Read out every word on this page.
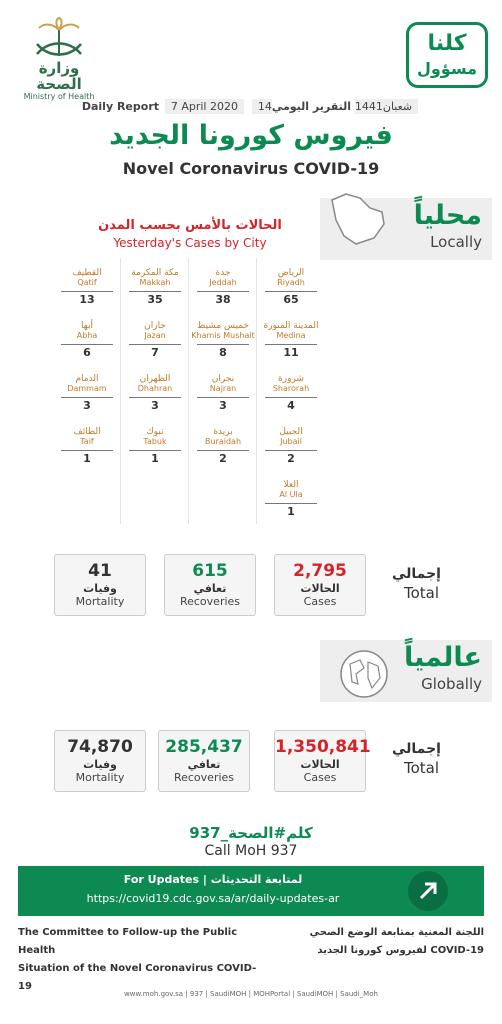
وزارة الصحة
Ministry of Health
كلنا
مسؤول
Daily Report 7 April 2020 14شعبان1441 التقرير اليومي
فيروس كورونا الجديد
Novel Coronavirus COVID-19
محلياً
Locally
الحالات بالأمس بحسب المدن
Yesterday's Cases by City
الرياض
Riyadh
65
جدة
Jeddah
38
مكة المكرمة
Makkah
35
القطيف
Qatif
13
المدينة المنورة
Medina
11
خميس مشيط
Khamis Mushait
8
جازان
Jazan
7
أبها
Abha
6
شرورة
Sharorah
4
نجران
Najran
3
الظهران
Dhahran
3
الدمام
Dammam
3
الجبيل
Jubail
2
بريدة
Buraidah
2
تبوك
Tabuk
1
الطائف
Taif
1
العلا
Al Ula
1
إجمالي
Total
2,795
الحالات
Cases
615
تعافي
Recoveries
41
وفيات
Mortality
عالمياً
Globally
إجمالي
Total
1,350,841
الحالات
Cases
285,437
تعافي
Recoveries
74,870
وفيات
Mortality
كلم#الصحة_937
Call MoH 937
For Updates | لمتابعة التحديثات
https://covid19.cdc.gov.sa/ar/daily-updates-ar
The Committee to Follow-up the Public Health
Situation of the Novel Coronavirus COVID-19
اللجنة المعنية بمتابعة الوضع الصحي
لفيروس كورونا الجديد COVID-19
www.moh.gov.sa | 937 | SaudiMOH | MOHPortal | SaudiMOH | Saudi_Moh
